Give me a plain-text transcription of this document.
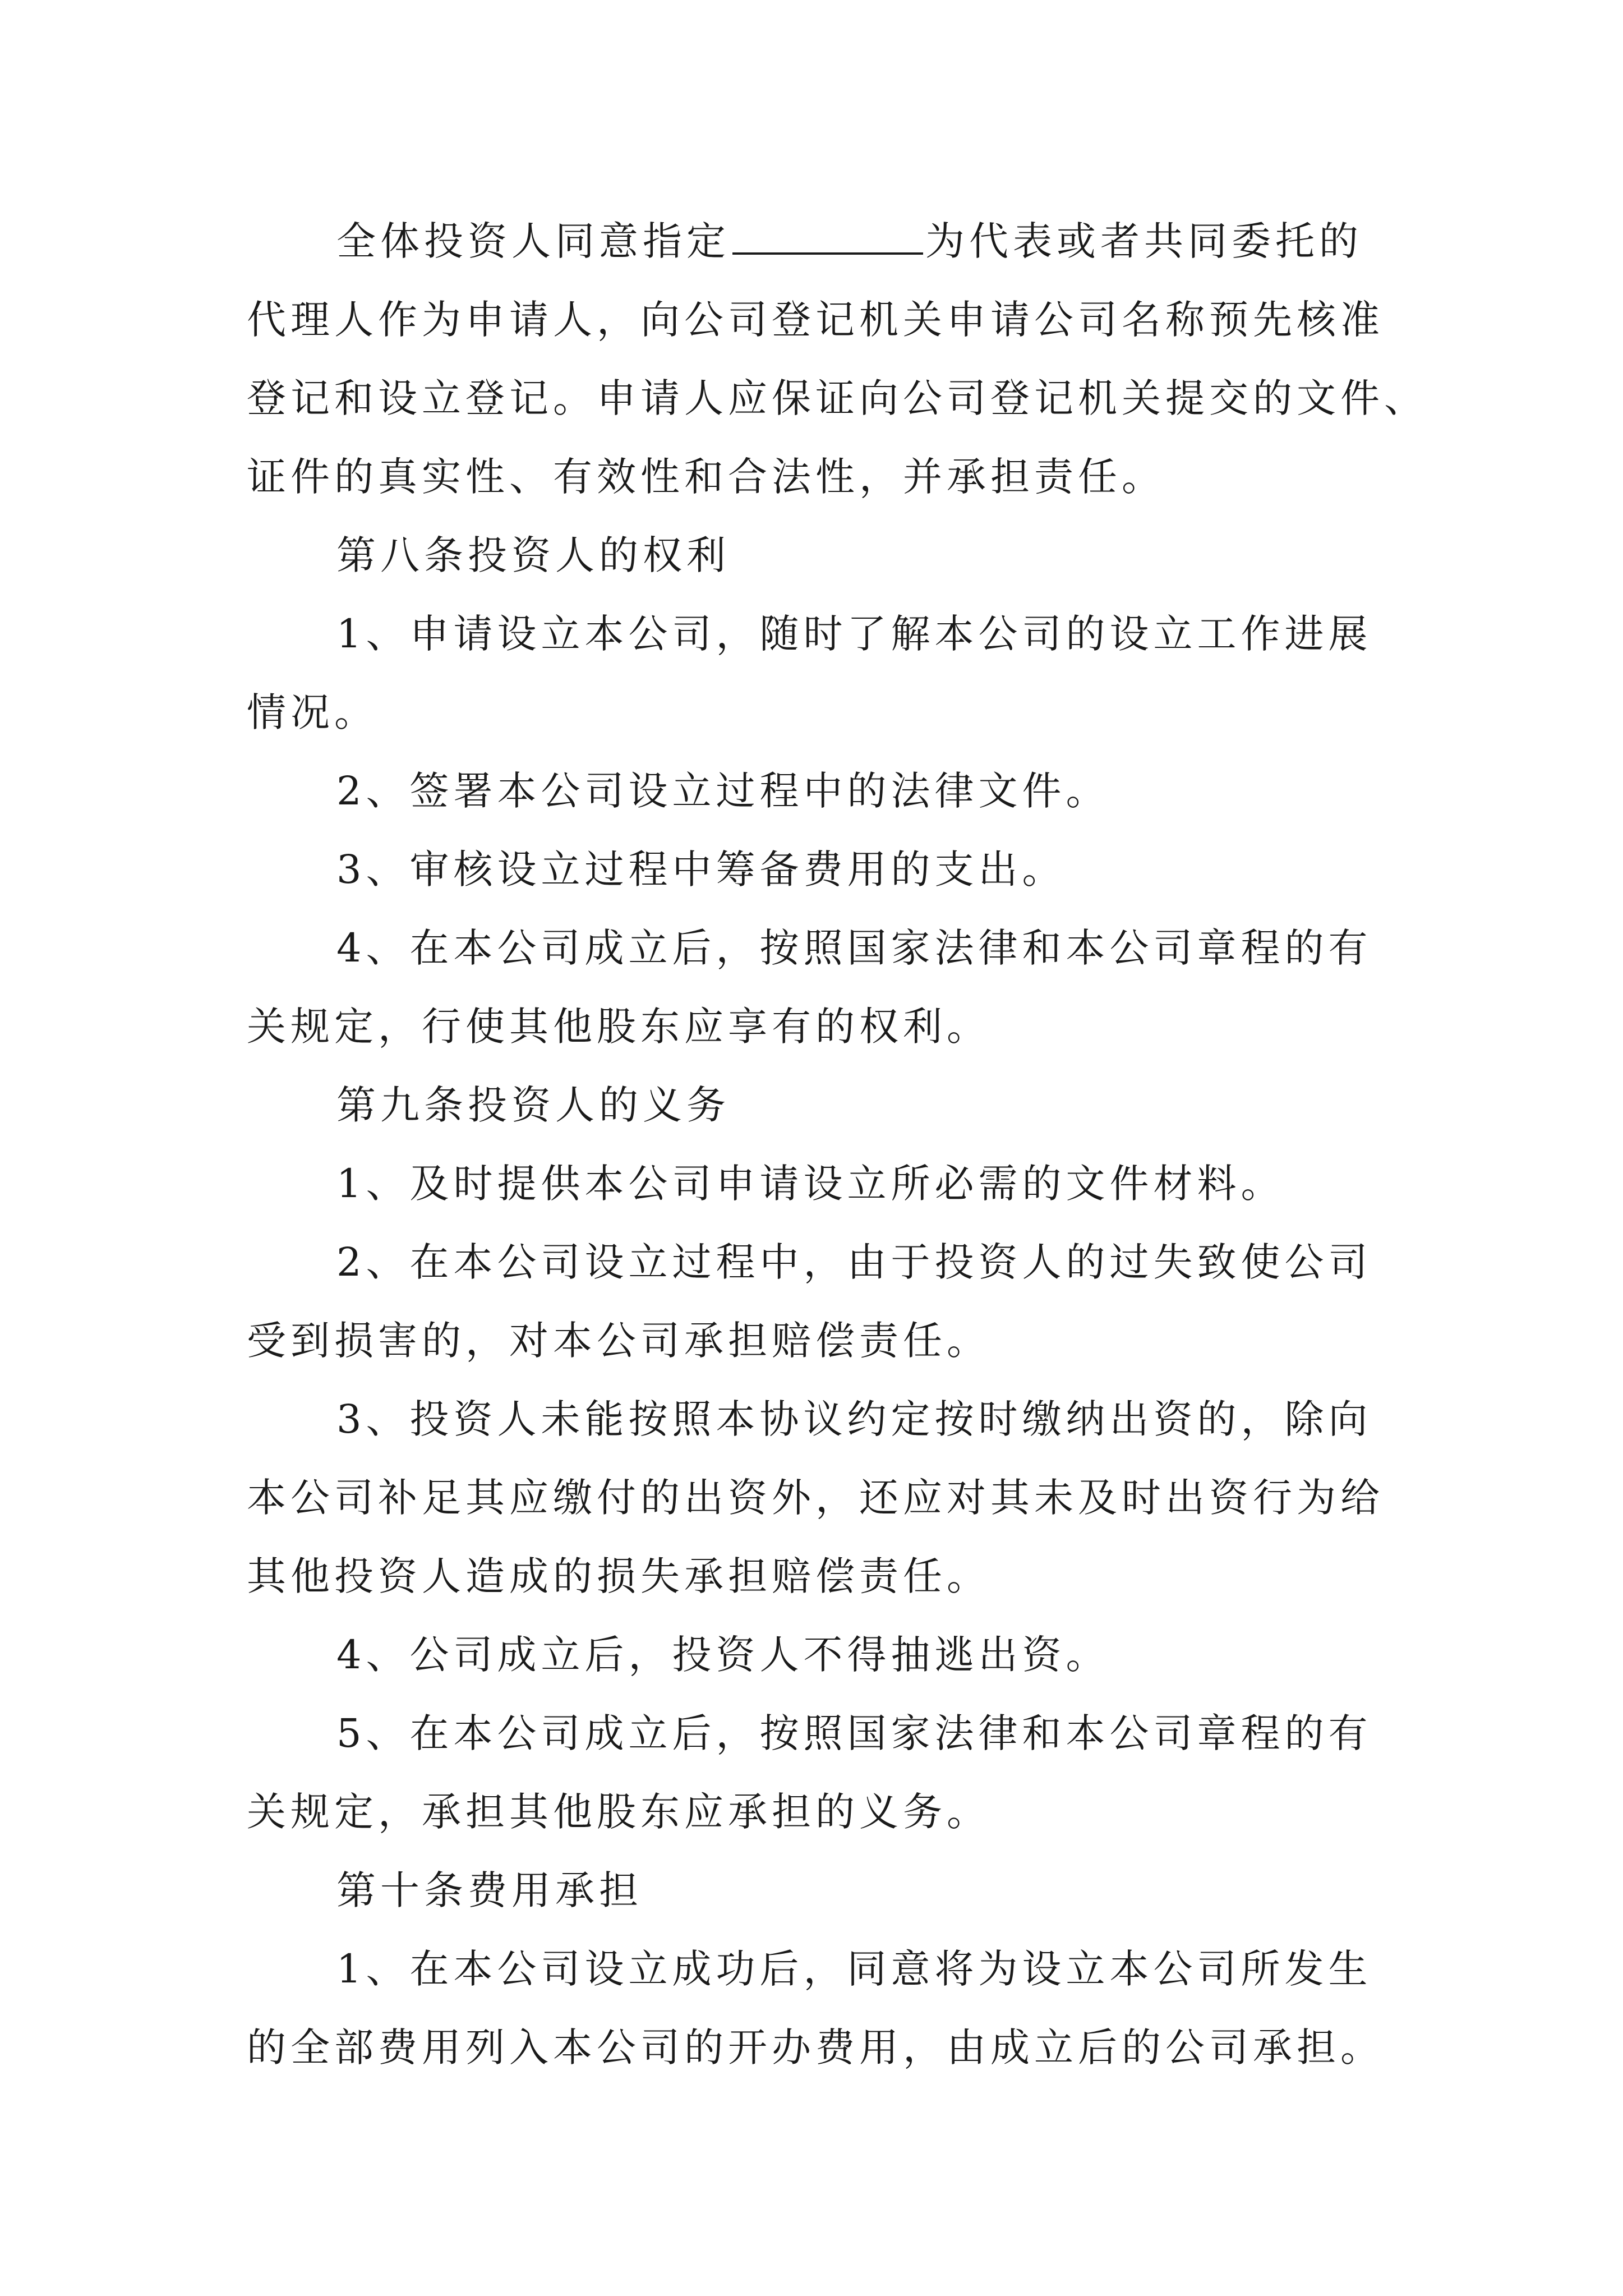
全体投资人同意指定	为代表或者共同委托的
代理人作为申请人，向公司登记机关申请公司名称预先核准
登记和设立登记。申请人应保证向公司登记机关提交的文件、
证件的真实性、有效性和合法性，并承担责任。
第八条投资人的权利
1、申请设立本公司，随时了解本公司的设立工作进展
情况。
2、签署本公司设立过程中的法律文件。
3、审核设立过程中筹备费用的支出。
4、在本公司成立后，按照国家法律和本公司章程的有
关规定，行使其他股东应享有的权利。
第九条投资人的义务
1、及时提供本公司申请设立所必需的文件材料。
2、在本公司设立过程中，由于投资人的过失致使公司
受到损害的，对本公司承担赔偿责任。
3、投资人未能按照本协议约定按时缴纳出资的，除向
本公司补足其应缴付的出资外，还应对其未及时出资行为给
其他投资人造成的损失承担赔偿责任。
4、公司成立后，投资人不得抽逃出资。
5、在本公司成立后，按照国家法律和本公司章程的有
关规定，承担其他股东应承担的义务。
第十条费用承担
1、在本公司设立成功后，同意将为设立本公司所发生
的全部费用列入本公司的开办费用，由成立后的公司承担。
